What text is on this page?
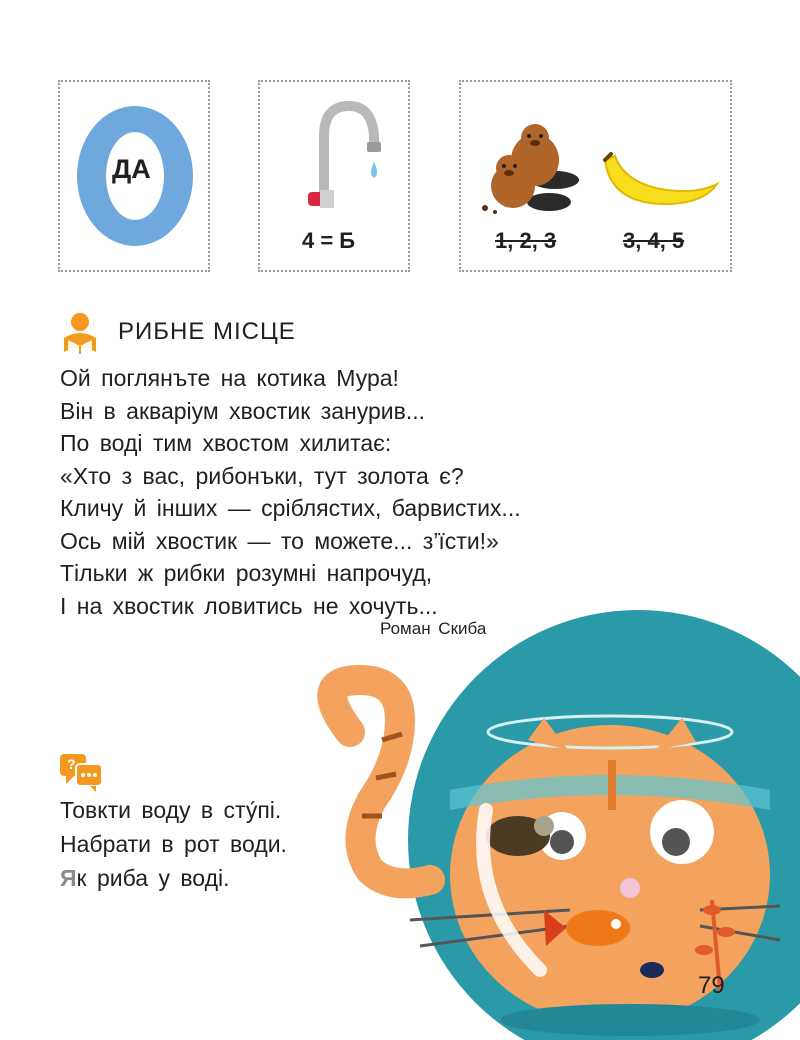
ДА
4 = Б	1, 2, 3	3, 4, 5
РИБНЕ МІСЦЕ
Ой поглянъте на котика Мура!
Він в акваріум хвостик занурив...
По воді тим хвостом хилитає:
«Хто з вас, рибонъки, тут золота є?
Кличу й інших — сріблястих, барвистих...
Ось мій хвостик — то можете... з’їсти!»
Тільки ж рибки розумні напрочуд,
І на хвостик ловитись не хочуть...
Роман Скиба
?
Товкти воду в сту́пі.
Набрати в рот води.
Як риба у воді.
79
